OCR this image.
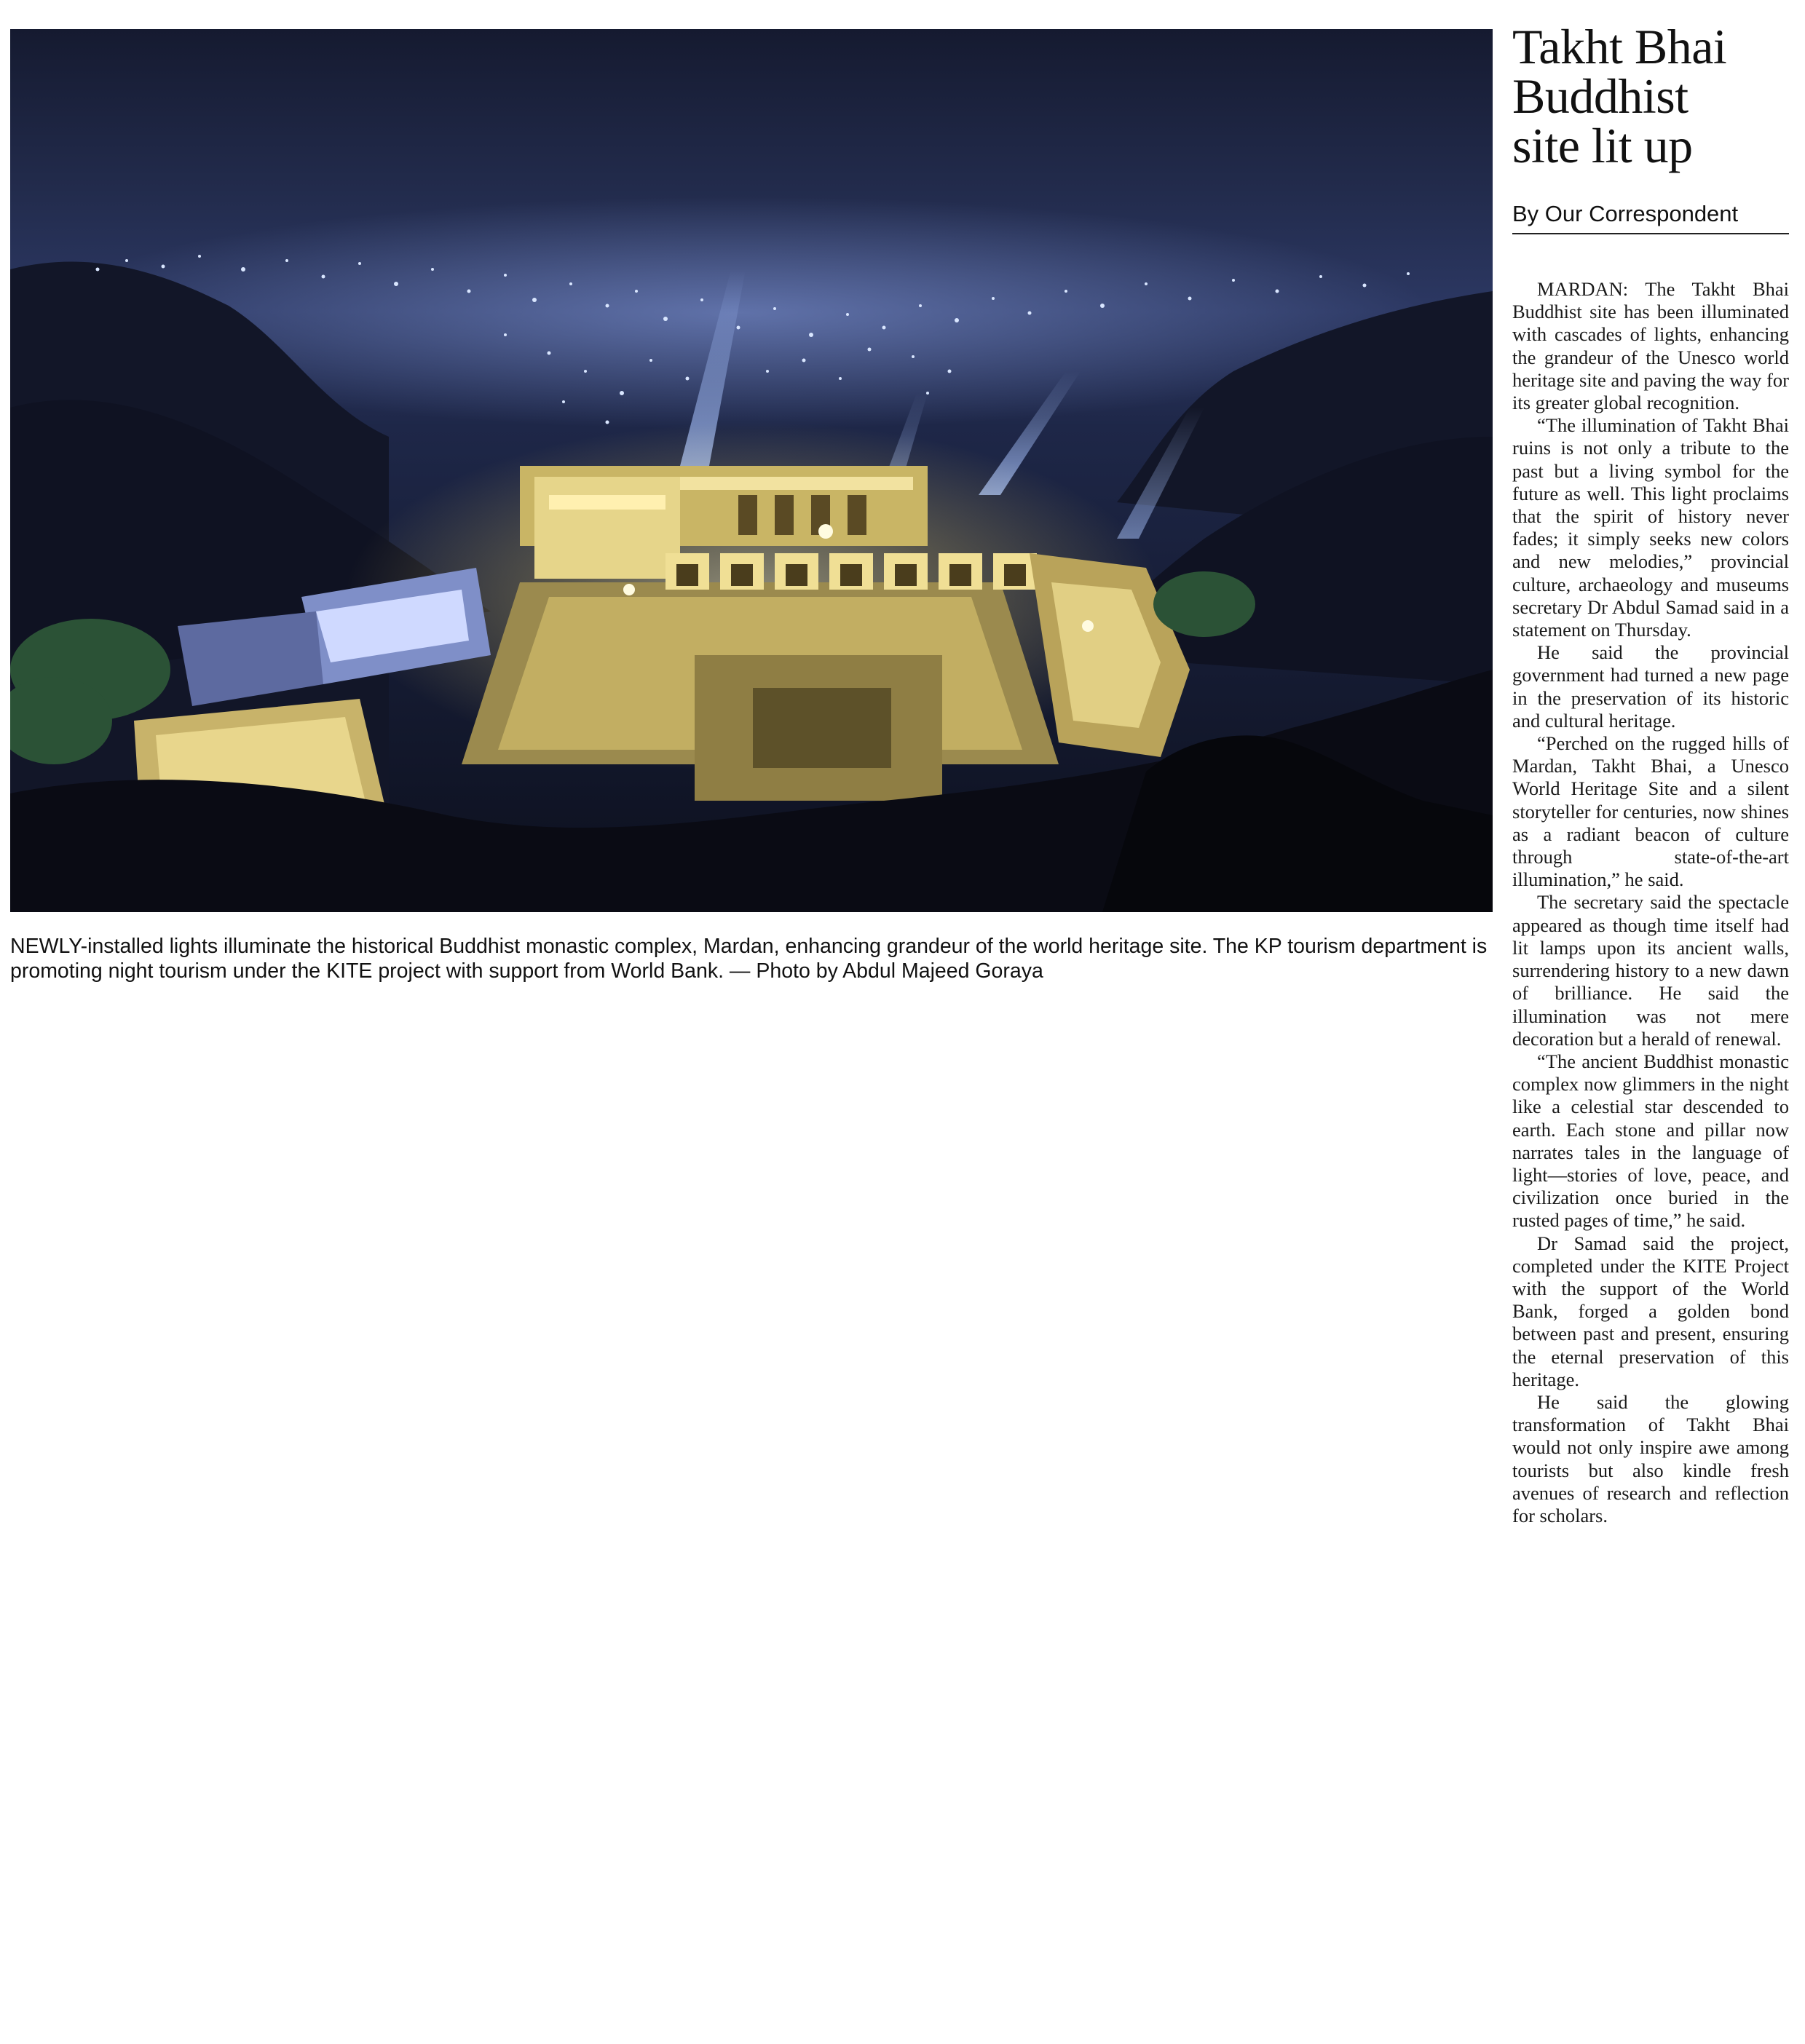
NEWLY-installed lights illuminate the historical Buddhist monastic complex, Mardan, enhancing grandeur of the world heritage site. The KP tourism department is promoting night tourism under the KITE project with support from World Bank. — Photo by Abdul Majeed Goraya
Takht Bhai
Buddhist
site lit up
By Our Correspondent

MARDAN: The Takht Bhai Buddhist site has been illuminated with cascades of lights, enhancing the grandeur of the Unesco world heritage site and paving the way for its greater global recognition.

“The illumination of Takht Bhai ruins is not only a tribute to the past but a living symbol for the future as well. This light proclaims that the spirit of history never fades; it simply seeks new colors and new melodies,” provincial culture, archaeology and museums secretary Dr Abdul Samad said in a statement on Thursday.

He said the provincial government had turned a new page in the preservation of its historic and cultural heritage.

“Perched on the rugged hills of Mardan, Takht Bhai, a Unesco World Heritage Site and a silent storyteller for centuries, now shines as a radiant beacon of culture through state-of-the-art illumination,” he said.

The secretary said the spectacle appeared as though time itself had lit lamps upon its ancient walls, surrendering history to a new dawn of brilliance. He said the illumination was not mere decoration but a herald of renewal.

“The ancient Buddhist monastic complex now glimmers in the night like a celestial star descended to earth. Each stone and pillar now narrates tales in the language of light—stories of love, peace, and civilization once buried in the rusted pages of time,” he said.

Dr Samad said the project, completed under the KITE Project with the support of the World Bank, forged a golden bond between past and present, ensuring the eternal preservation of this heritage.

He said the glowing transformation of Takht Bhai would not only inspire awe among tourists but also kindle fresh avenues of research and reflection for scholars.
